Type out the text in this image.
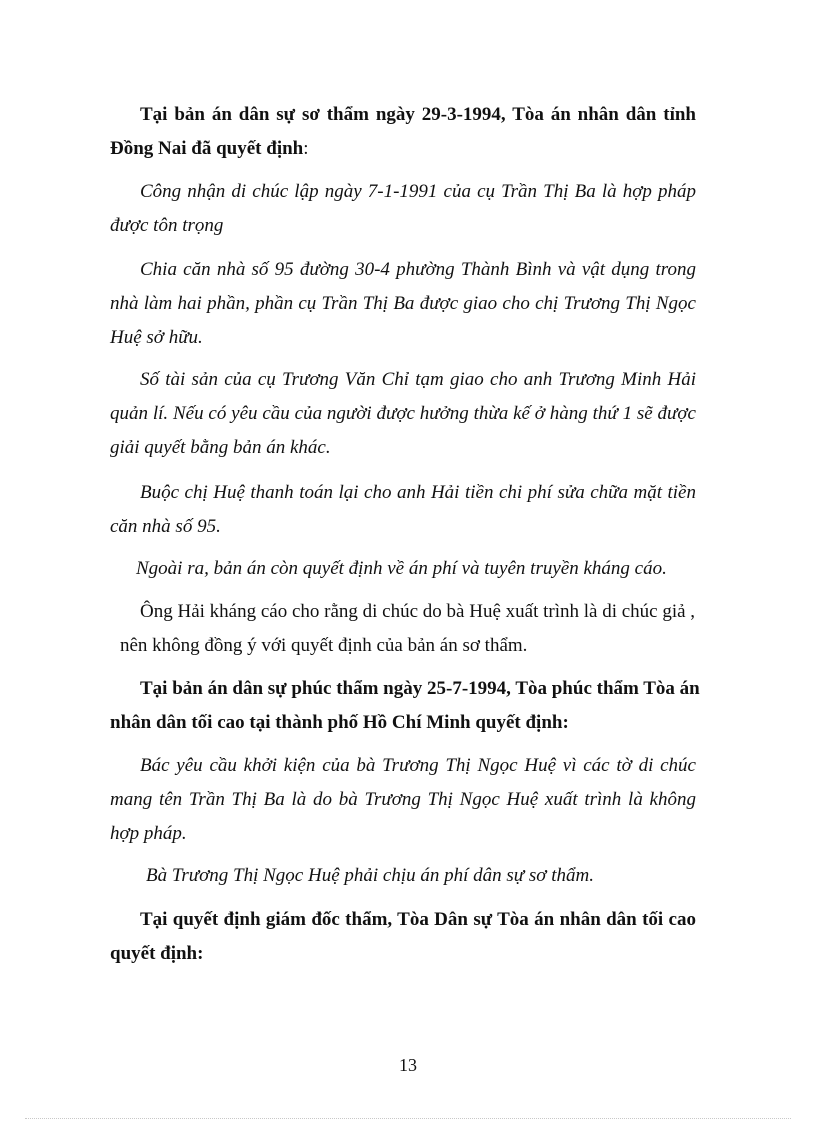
Tại bản án dân sự sơ thẩm ngày 29-3-1994, Tòa án nhân dân tỉnh
Đồng Nai đã quyết định:
Công nhận di chúc lập ngày 7-1-1991 của cụ Trần Thị Ba là hợp pháp
được tôn trọng
Chia căn nhà số 95 đường 30-4 phường Thành Bình và vật dụng trong
nhà làm hai phần, phần cụ Trần Thị Ba được giao cho chị Trương Thị Ngọc
Huệ sở hữu.
Số tài sản của cụ Trương Văn Chỉ tạm giao cho anh Trương Minh Hải
quản lí. Nếu có yêu cầu của người được hưởng thừa kế ở hàng thứ 1 sẽ được
giải quyết bằng bản án khác.
Buộc chị Huệ thanh toán lại cho anh Hải tiền chi phí sửa chữa mặt tiền
căn nhà số 95.
Ngoài ra, bản án còn quyết định về án phí và tuyên truyền kháng cáo.
Ông Hải kháng cáo cho rằng di chúc do bà Huệ xuất trình là di chúc giả ,
nên không đồng ý với quyết định của bản án sơ thẩm.
Tại bản án dân sự phúc thẩm ngày 25-7-1994, Tòa phúc thẩm Tòa án
nhân dân tối cao tại thành phố Hồ Chí Minh quyết định:
Bác yêu cầu khởi kiện của bà Trương Thị Ngọc Huệ vì các tờ di chúc
mang tên Trần Thị Ba là do bà Trương Thị Ngọc Huệ xuất trình là không
hợp pháp.
Bà Trương Thị Ngọc Huệ phải chịu án phí dân sự sơ thẩm.
Tại quyết định giám đốc thẩm, Tòa Dân sự Tòa án nhân dân tối cao
quyết định:
13
